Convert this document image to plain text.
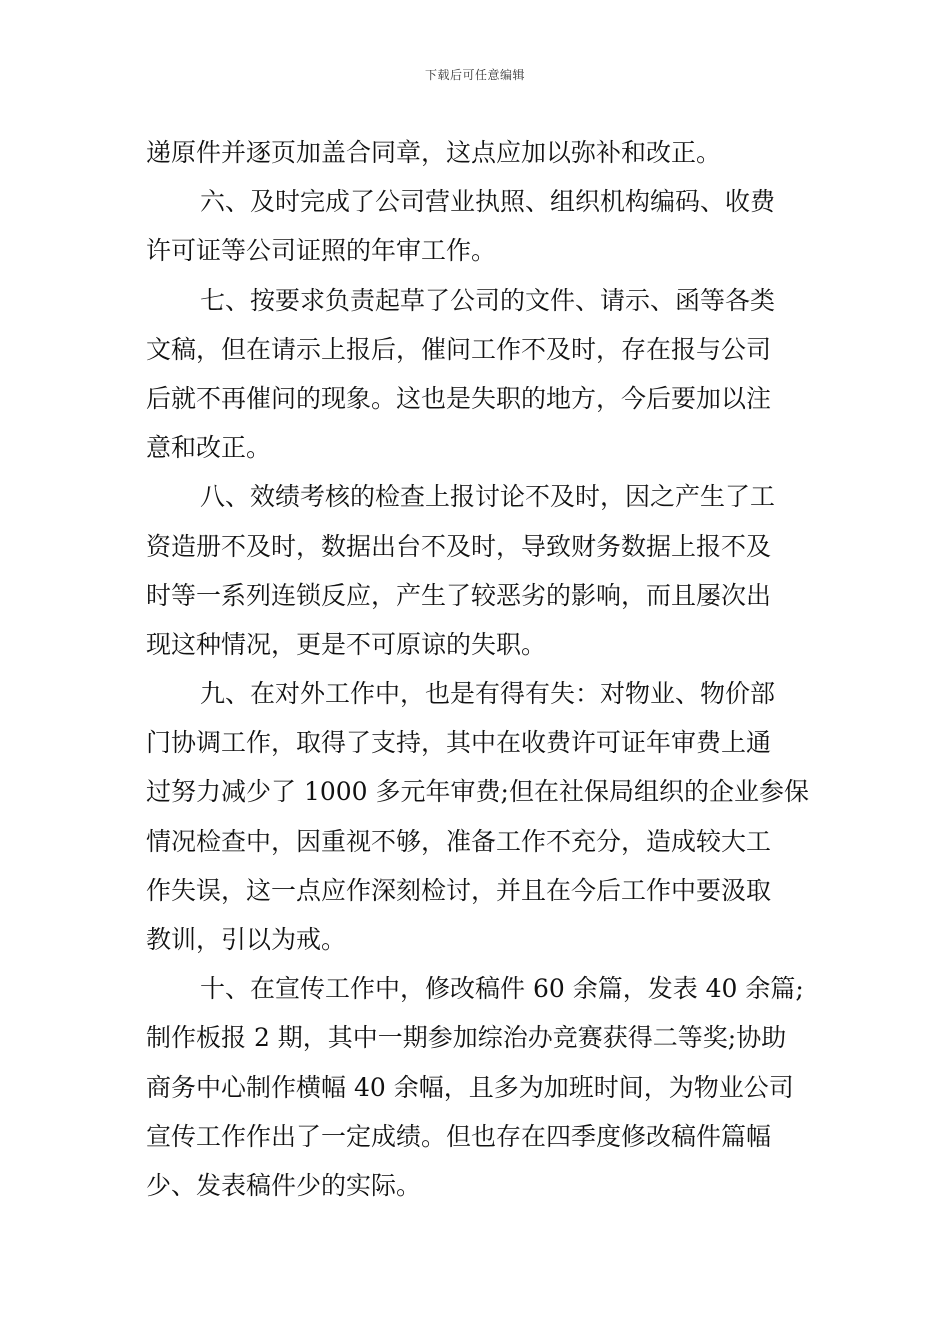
下载后可任意编辑
递原件并逐页加盖合同章，这点应加以弥补和改正。
六、及时完成了公司营业执照、组织机构编码、收费
许可证等公司证照的年审工作。
七、按要求负责起草了公司的文件、请示、函等各类
文稿，但在请示上报后，催问工作不及时，存在报与公司
后就不再催问的现象。这也是失职的地方，今后要加以注
意和改正。
八、效绩考核的检查上报讨论不及时，因之产生了工
资造册不及时，数据出台不及时，导致财务数据上报不及
时等一系列连锁反应，产生了较恶劣的影响，而且屡次出
现这种情况，更是不可原谅的失职。
九、在对外工作中，也是有得有失：对物业、物价部
门协调工作，取得了支持，其中在收费许可证年审费上通
过努力减少了 1000 多元年审费;但在社保局组织的企业参保
情况检查中，因重视不够，准备工作不充分，造成较大工
作失误，这一点应作深刻检讨，并且在今后工作中要汲取
教训，引以为戒。
十、在宣传工作中，修改稿件 60 余篇，发表 40 余篇;
制作板报 2 期，其中一期参加综治办竞赛获得二等奖;协助
商务中心制作横幅 40 余幅，且多为加班时间，为物业公司
宣传工作作出了一定成绩。但也存在四季度修改稿件篇幅
少、发表稿件少的实际。
